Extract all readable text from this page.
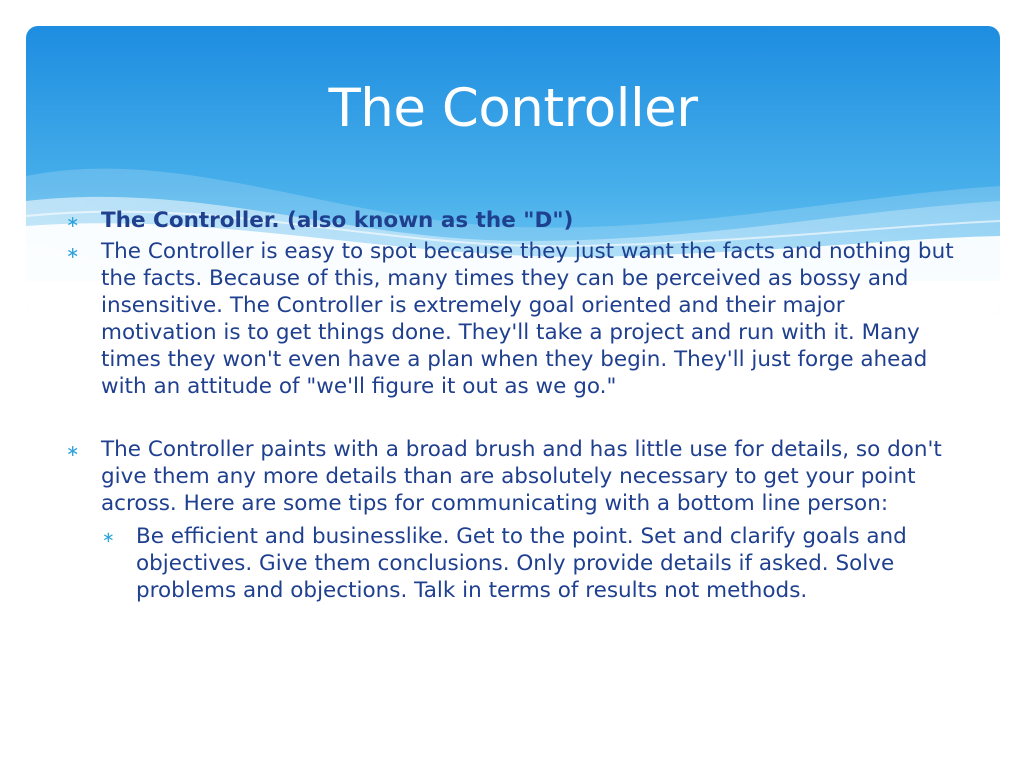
The Controller
∗ The Controller. (also known as the "D")
∗ The Controller is easy to spot because they just want the facts and nothing but the facts. Because of this, many times they can be perceived as bossy and insensitive. The Controller is extremely goal oriented and their major motivation is to get things done. They'll take a project and run with it. Many times they won't even have a plan when they begin. They'll just forge ahead with an attitude of "we'll figure it out as we go."
∗ The Controller paints with a broad brush and has little use for details, so don't give them any more details than are absolutely necessary to get your point across. Here are some tips for communicating with a bottom line person:
∗ Be efficient and businesslike. Get to the point. Set and clarify goals and objectives. Give them conclusions. Only provide details if asked. Solve problems and objections. Talk in terms of results not methods.
